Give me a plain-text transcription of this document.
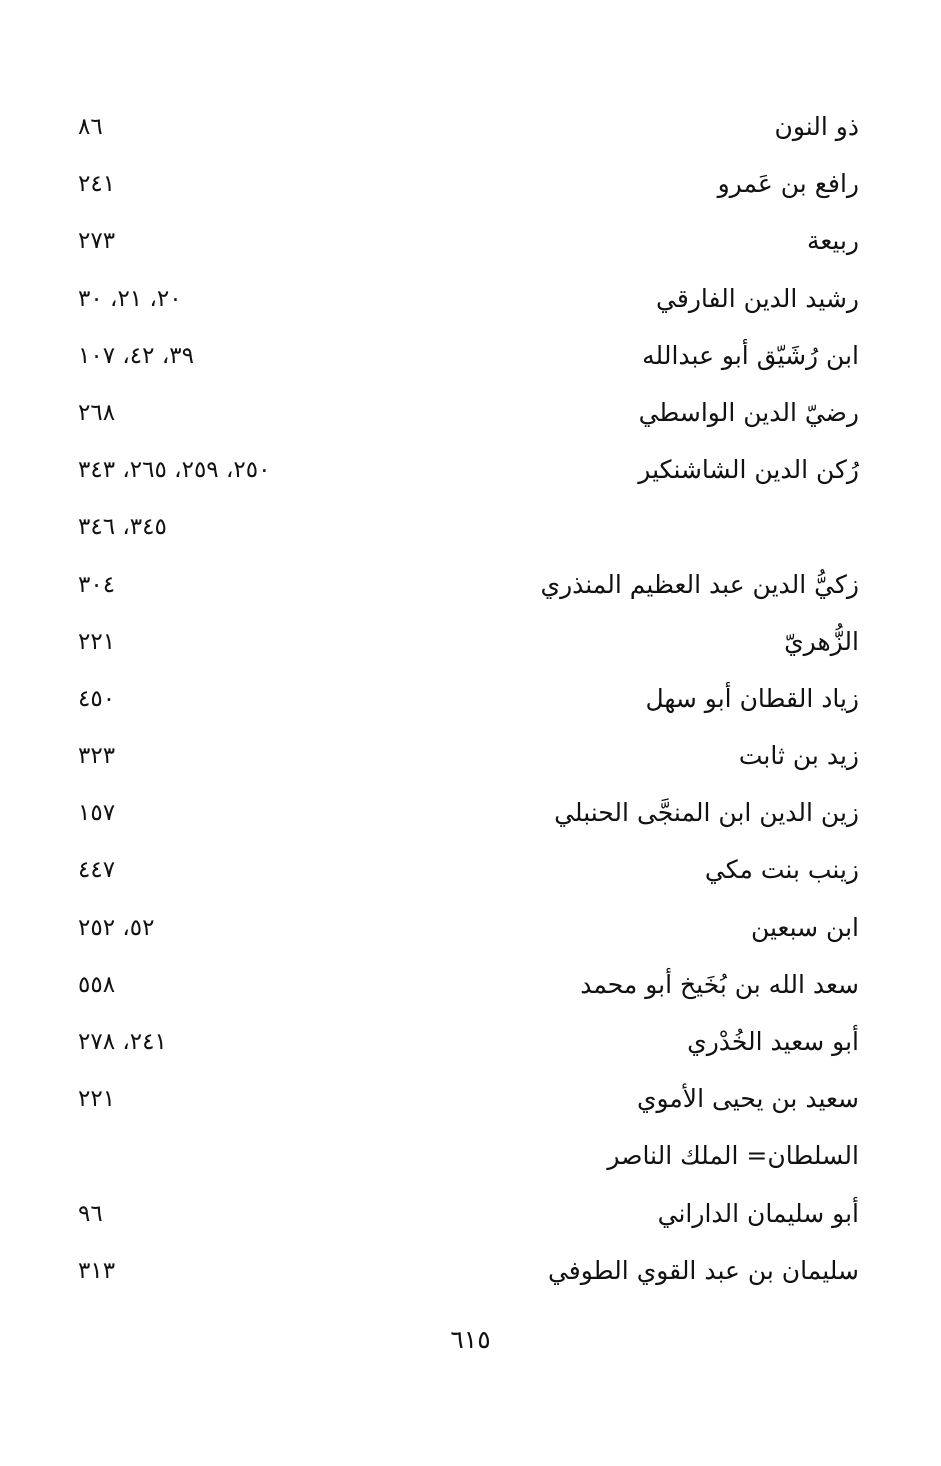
ذو النون
٨٦
رافع بن عَمرو
٢٤١
ربيعة
٢٧٣
رشيد الدين الفارقي
٢٠، ٢١، ٣٠
ابن رُشَيّق أبو عبدالله
٣٩، ٤٢، ١٠٧
رضيّ الدين الواسطي
٢٦٨
رُكن الدين الشاشنكير
٢٥٠، ٢٥٩، ٢٦٥، ٣٤٣
٣٤٥، ٣٤٦
زكيُّ الدين عبد العظيم المنذري
٣٠٤
الزُّهريّ
٢٢١
زياد القطان أبو سهل
٤٥٠
زيد بن ثابت
٣٢٣
زين الدين ابن المنجَّى الحنبلي
١٥٧
زينب بنت مكي
٤٤٧
ابن سبعين
٥٢، ٢٥٢
سعد الله بن بُخَيخ أبو محمد
٥٥٨
أبو سعيد الخُدْري
٢٤١، ٢٧٨
سعيد بن يحيى الأموي
٢٢١
السلطان= الملك الناصر
أبو سليمان الداراني
٩٦
سليمان بن عبد القوي الطوفي
٣١٣
٦١٥
